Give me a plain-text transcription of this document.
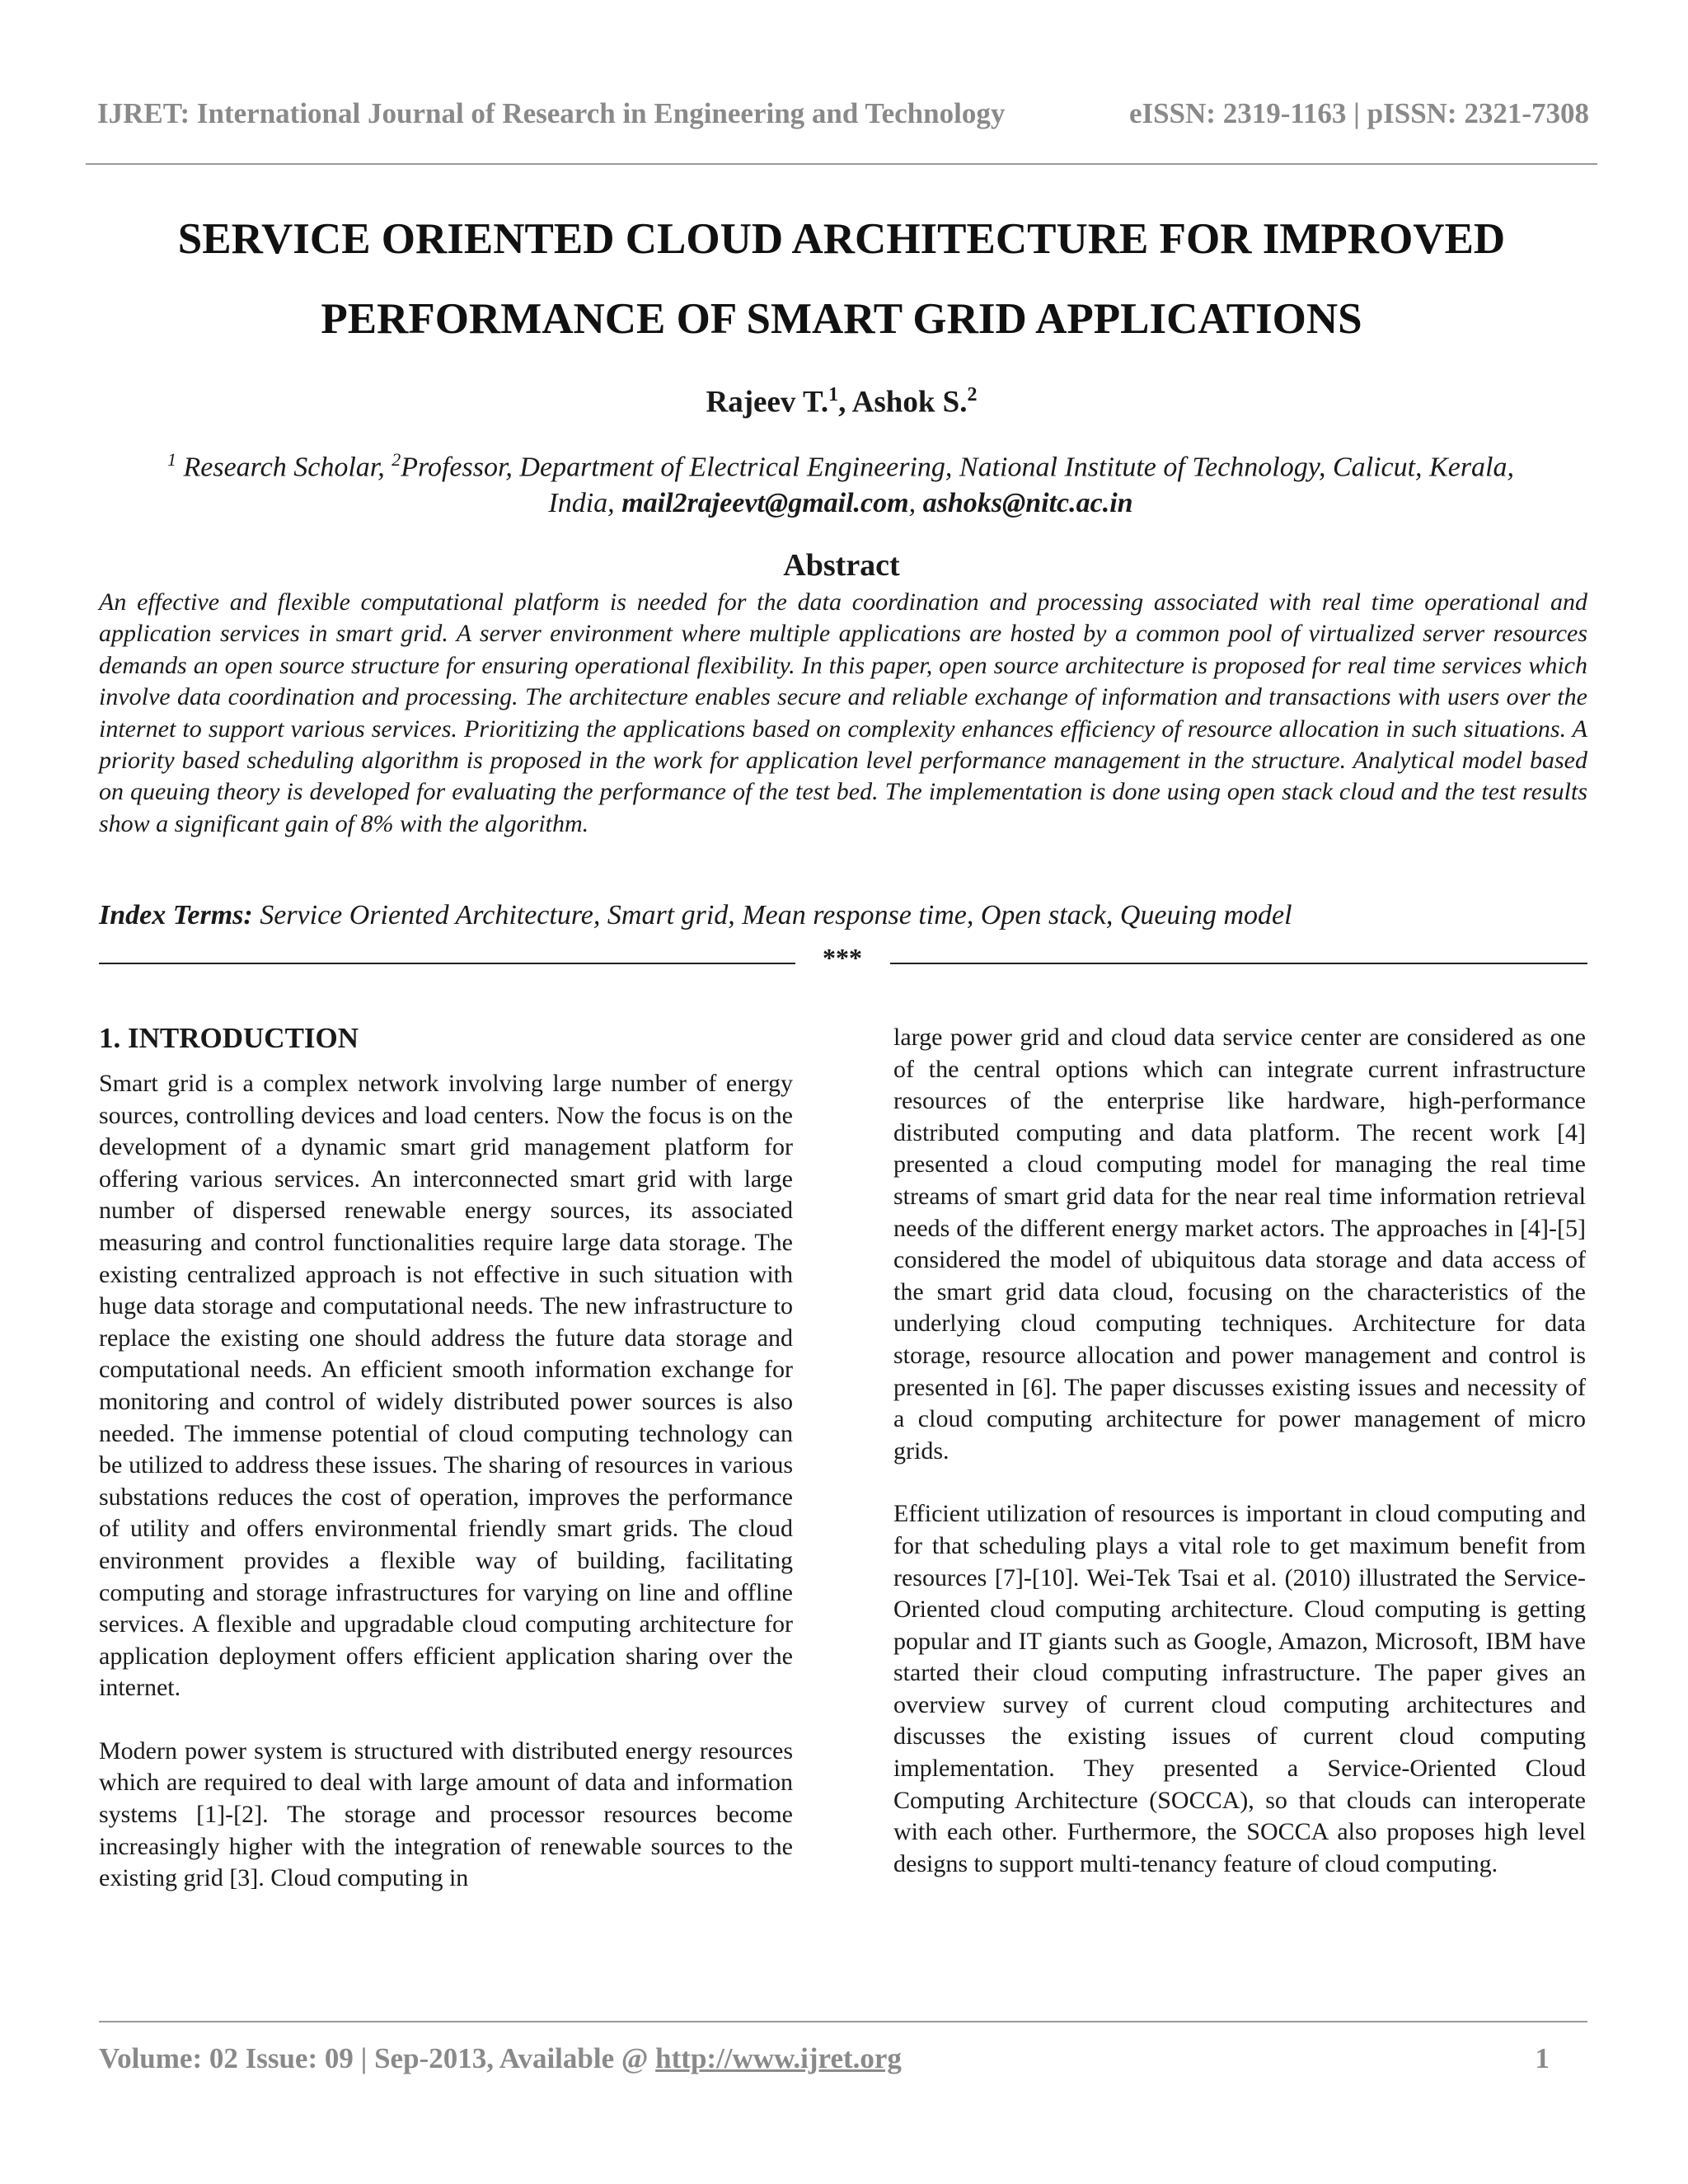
IJRET: International Journal of Research in Engineering and Technology	eISSN: 2319-1163 | pISSN: 2321-7308
SERVICE ORIENTED CLOUD ARCHITECTURE FOR IMPROVED
PERFORMANCE OF SMART GRID APPLICATIONS
Rajeev T.$^1$, Ashok S.$^2$
$^1$ Research Scholar, $^2$Professor, Department of Electrical Engineering, National Institute of Technology, Calicut, Kerala,
India, mail2rajeevt@gmail.com, ashoks@nitc.ac.in
Abstract
An effective and flexible computational platform is needed for the data coordination and processing associated with real time operational and application services in smart grid. A server environment where multiple applications are hosted by a common pool of virtualized server resources demands an open source structure for ensuring operational flexibility. In this paper, open source architecture is proposed for real time services which involve data coordination and processing. The architecture enables secure and reliable exchange of information and transactions with users over the internet to support various services. Prioritizing the applications based on complexity enhances efficiency of resource allocation in such situations. A priority based scheduling algorithm is proposed in the work for application level performance management in the structure. Analytical model based on queuing theory is developed for evaluating the performance of the test bed. The implementation is done using open stack cloud and the test results show a significant gain of 8% with the algorithm.
Index Terms: Service Oriented Architecture, Smart grid, Mean response time, Open stack, Queuing model
***

1. INTRODUCTION

Smart grid is a complex network involving large number of energy sources, controlling devices and load centers. Now the focus is on the development of a dynamic smart grid management platform for offering various services. An interconnected smart grid with large number of dispersed renewable energy sources, its associated measuring and control functionalities require large data storage. The existing centralized approach is not effective in such situation with huge data storage and computational needs. The new infrastructure to replace the existing one should address the future data storage and computational needs. An efficient smooth information exchange for monitoring and control of widely distributed power sources is also needed. The immense potential of cloud computing technology can be utilized to address these issues. The sharing of resources in various substations reduces the cost of operation, improves the performance of utility and offers environmental friendly smart grids. The cloud environment provides a flexible way of building, facilitating computing and storage infrastructures for varying on line and offline services. A flexible and upgradable cloud computing architecture for application deployment offers efficient application sharing over the internet.

Modern power system is structured with distributed energy resources which are required to deal with large amount of data and information systems [1]-[2]. The storage and processor resources become increasingly higher with the integration of renewable sources to the existing grid [3]. Cloud computing in

large power grid and cloud data service center are considered as one of the central options which can integrate current infrastructure resources of the enterprise like hardware, high-performance distributed computing and data platform. The recent work [4] presented a cloud computing model for managing the real time streams of smart grid data for the near real time information retrieval needs of the different energy market actors. The approaches in [4]-[5] considered the model of ubiquitous data storage and data access of the smart grid data cloud, focusing on the characteristics of the underlying cloud computing techniques. Architecture for data storage, resource allocation and power management and control is presented in [6]. The paper discusses existing issues and necessity of a cloud computing architecture for power management of micro grids.

Efficient utilization of resources is important in cloud computing and for that scheduling plays a vital role to get maximum benefit from resources [7]-[10]. Wei-Tek Tsai et al. (2010) illustrated the Service-Oriented cloud computing architecture. Cloud computing is getting popular and IT giants such as Google, Amazon, Microsoft, IBM have started their cloud computing infrastructure. The paper gives an overview survey of current cloud computing architectures and discusses the existing issues of current cloud computing implementation. They presented a Service-Oriented Cloud Computing Architecture (SOCCA), so that clouds can interoperate with each other. Furthermore, the SOCCA also proposes high level designs to support multi-tenancy feature of cloud computing.

Volume: 02 Issue: 09 | Sep-2013, Available @ http://www.ijret.org	1
